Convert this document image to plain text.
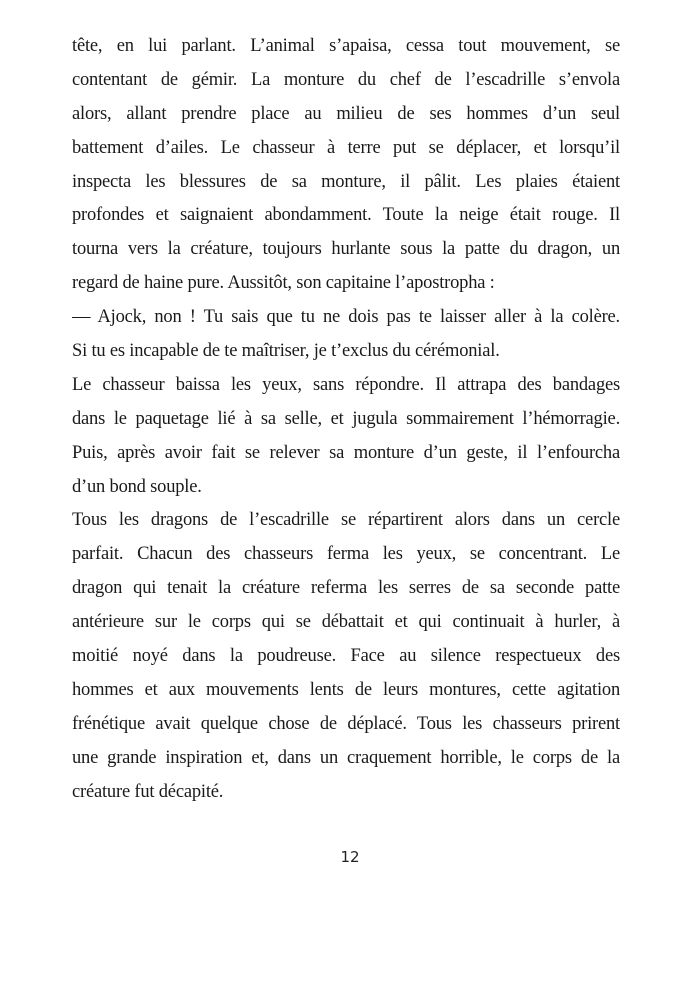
tête, en lui parlant. L’animal s’apaisa, cessa tout mouvement, se
contentant de gémir. La monture du chef de l’escadrille s’envola
alors, allant prendre place au milieu de ses hommes d’un seul
battement d’ailes. Le chasseur à terre put se déplacer, et lorsqu’il
inspecta les blessures de sa monture, il pâlit. Les plaies étaient
profondes et saignaient abondamment. Toute la neige était rouge. Il
tourna vers la créature, toujours hurlante sous la patte du dragon, un
regard de haine pure. Aussitôt, son capitaine l’apostropha :
— Ajock, non ! Tu sais que tu ne dois pas te laisser aller à la colère.
Si tu es incapable de te maîtriser, je t’exclus du cérémonial.
Le chasseur baissa les yeux, sans répondre. Il attrapa des bandages
dans le paquetage lié à sa selle, et jugula sommairement l’hémorragie.
Puis, après avoir fait se relever sa monture d’un geste, il l’enfourcha
d’un bond souple.
Tous les dragons de l’escadrille se répartirent alors dans un cercle
parfait. Chacun des chasseurs ferma les yeux, se concentrant. Le
dragon qui tenait la créature referma les serres de sa seconde patte
antérieure sur le corps qui se débattait et qui continuait à hurler, à
moitié noyé dans la poudreuse. Face au silence respectueux des
hommes et aux mouvements lents de leurs montures, cette agitation
frénétique avait quelque chose de déplacé. Tous les chasseurs prirent
une grande inspiration et, dans un craquement horrible, le corps de la
créature fut décapité.
12
